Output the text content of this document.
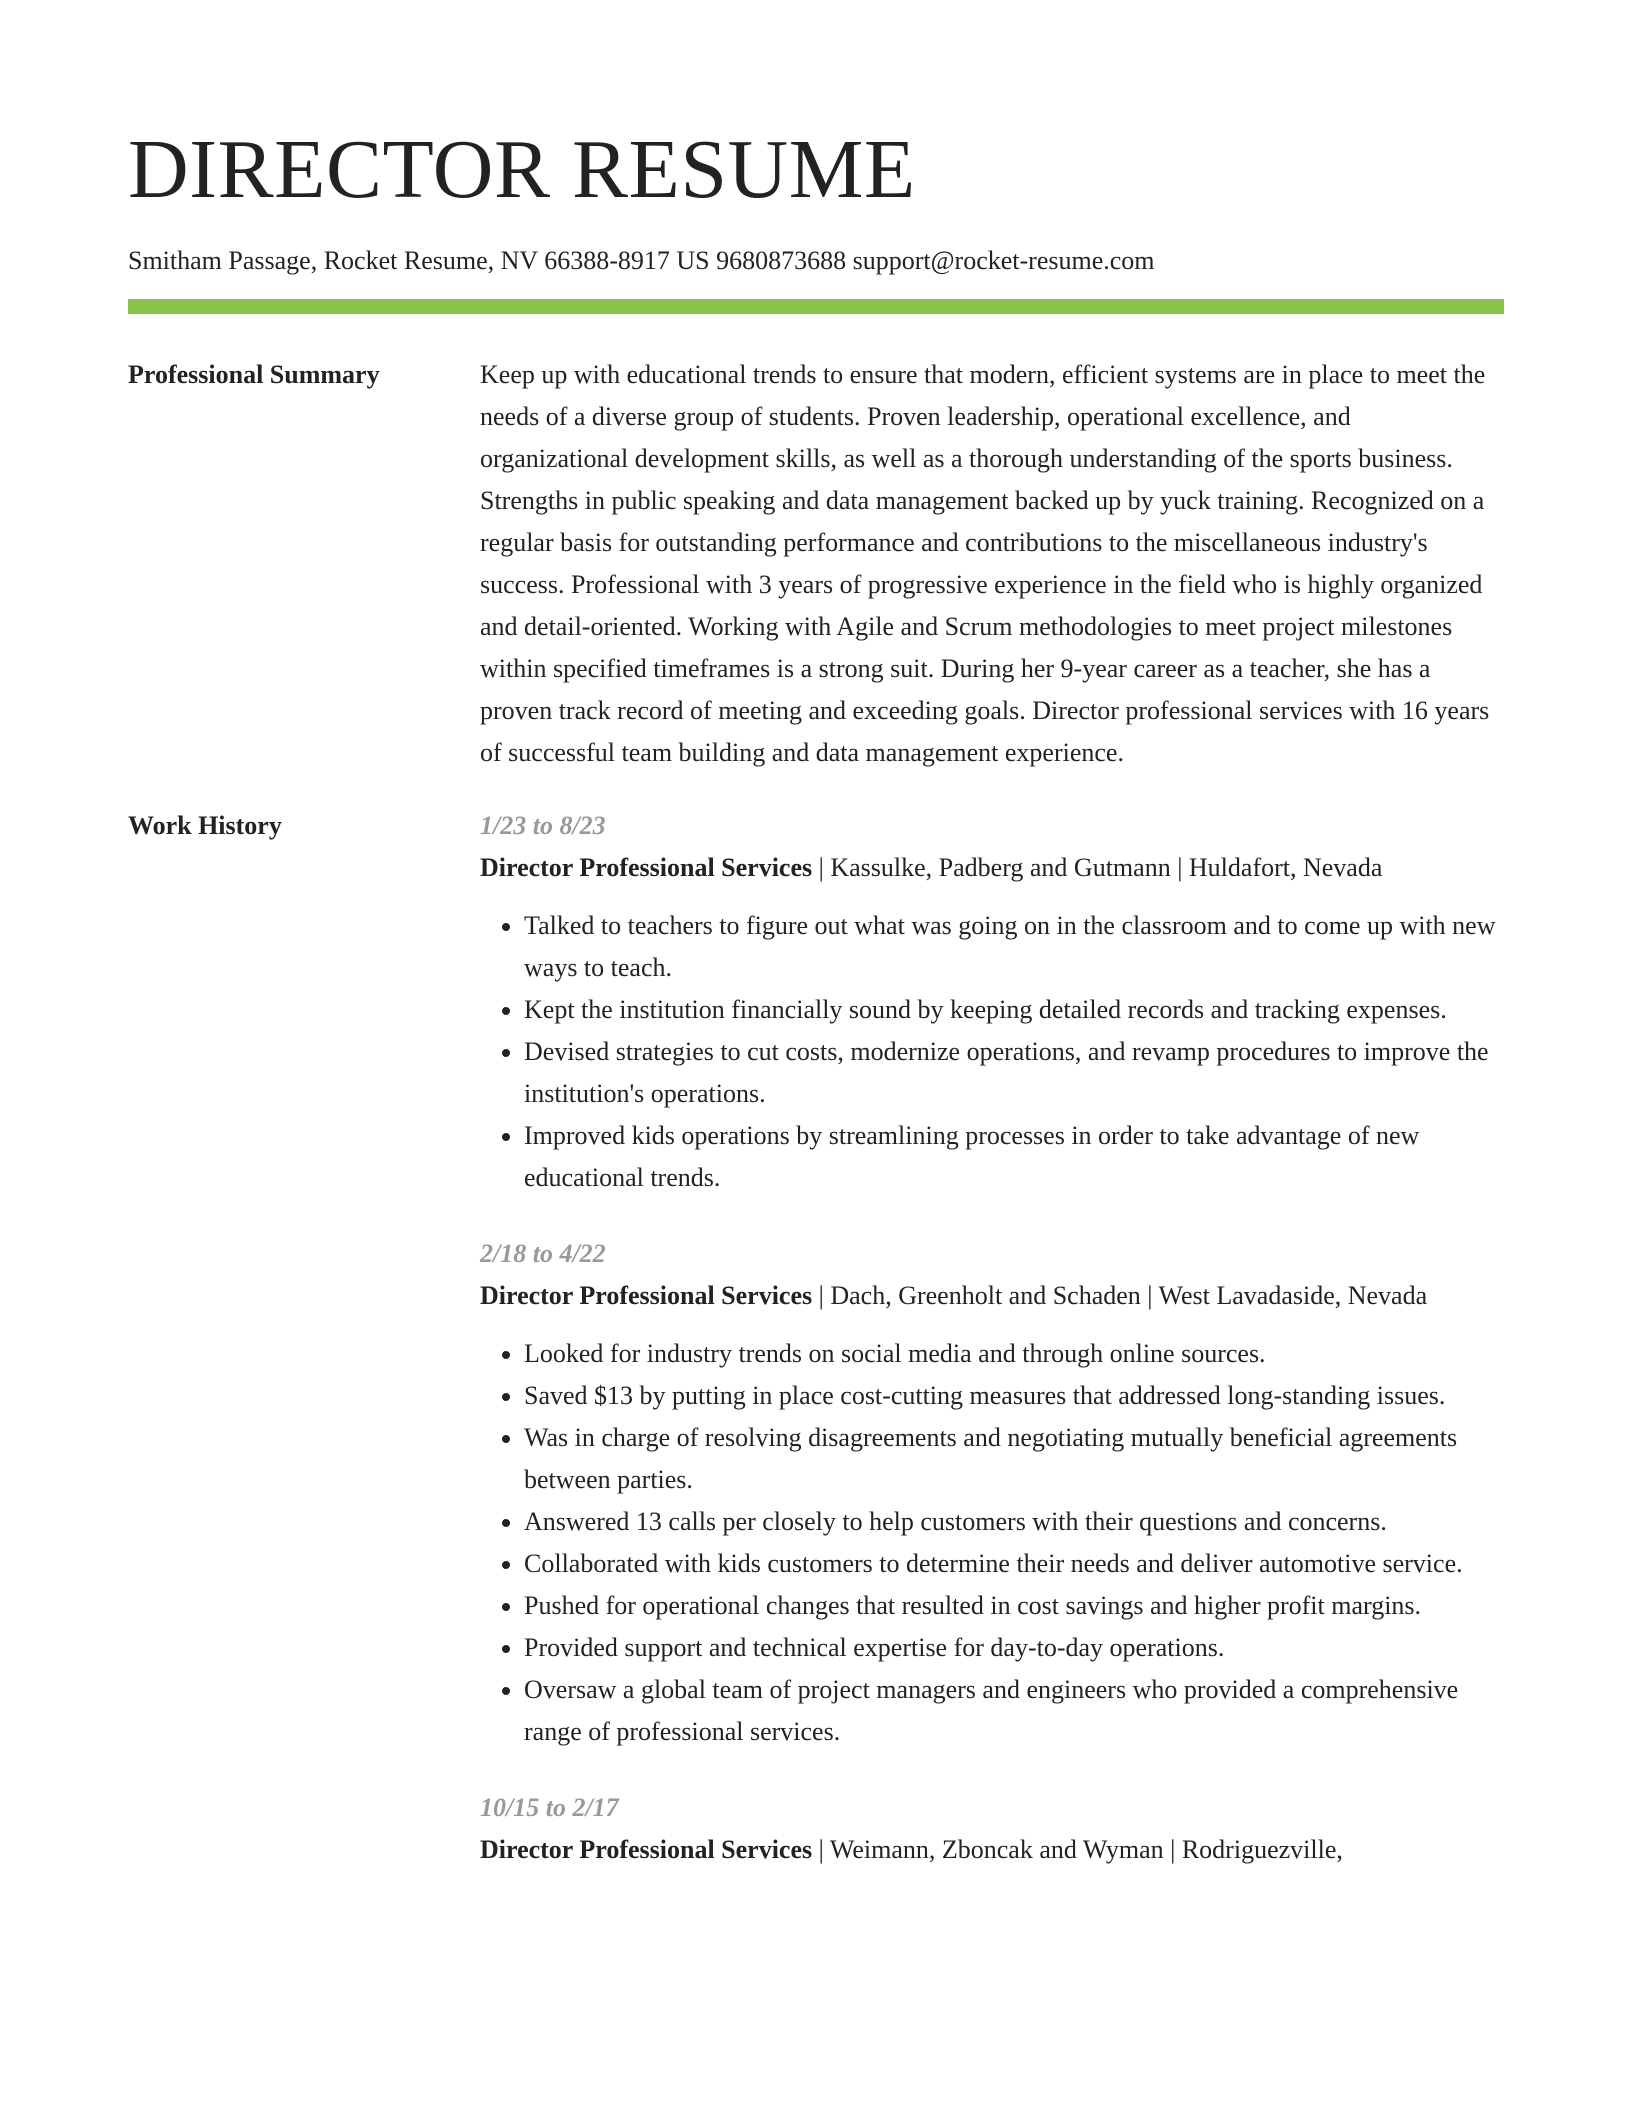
DIRECTOR RESUME
Smitham Passage, Rocket Resume, NV 66388-8917 US 9680873688 support@rocket-resume.com
Professional Summary	Keep up with educational trends to ensure that modern, efficient systems are in place to meet the needs of a diverse group of students. Proven leadership, operational excellence, and organizational development skills, as well as a thorough understanding of the sports business. Strengths in public speaking and data management backed up by yuck training. Recognized on a regular basis for outstanding performance and contributions to the miscellaneous industry's success. Professional with 3 years of progressive experience in the field who is highly organized and detail-oriented. Working with Agile and Scrum methodologies to meet project milestones within specified timeframes is a strong suit. During her 9-year career as a teacher, she has a proven track record of meeting and exceeding goals. Director professional services with 16 years of successful team building and data management experience.

Work History	1/23 to 8/23
Director Professional Services | Kassulke, Padberg and Gutmann | Huldafort, Nevada
• Talked to teachers to figure out what was going on in the classroom and to come up with new ways to teach.
• Kept the institution financially sound by keeping detailed records and tracking expenses.
• Devised strategies to cut costs, modernize operations, and revamp procedures to improve the institution's operations.
• Improved kids operations by streamlining processes in order to take advantage of new educational trends.
2/18 to 4/22
Director Professional Services | Dach, Greenholt and Schaden | West Lavadaside, Nevada
• Looked for industry trends on social media and through online sources.
• Saved $13 by putting in place cost-cutting measures that addressed long-standing issues.
• Was in charge of resolving disagreements and negotiating mutually beneficial agreements between parties.
• Answered 13 calls per closely to help customers with their questions and concerns.
• Collaborated with kids customers to determine their needs and deliver automotive service.
• Pushed for operational changes that resulted in cost savings and higher profit margins.
• Provided support and technical expertise for day-to-day operations.
• Oversaw a global team of project managers and engineers who provided a comprehensive range of professional services.
10/15 to 2/17
Director Professional Services | Weimann, Zboncak and Wyman | Rodriguezville,
